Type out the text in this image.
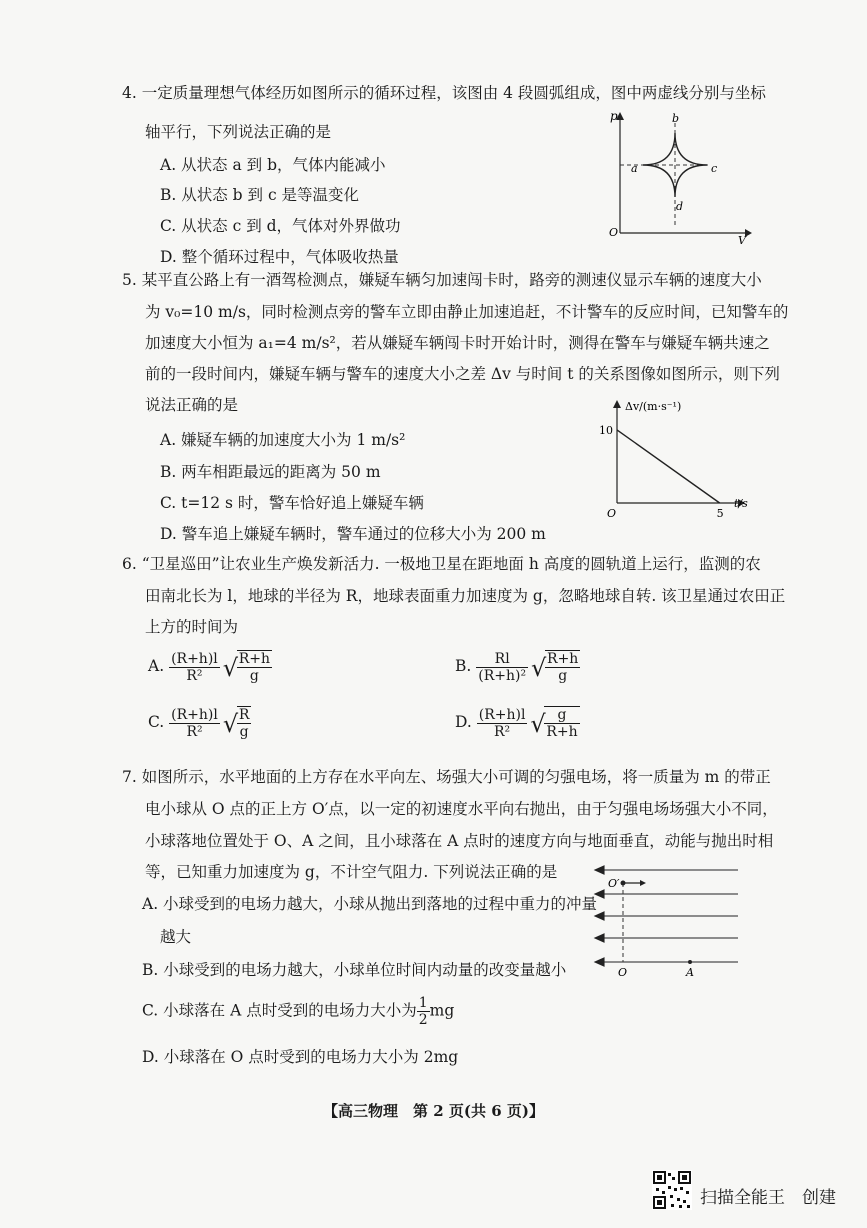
4. 一定质量理想气体经历如图所示的循环过程，该图由 4 段圆弧组成，图中两虚线分别与坐标
轴平行，下列说法正确的是
A. 从状态 a 到 b，气体内能减小
B. 从状态 b 到 c 是等温变化
C. 从状态 c 到 d，气体对外界做功
D. 整个循环过程中，气体吸收热量
p
V
O
a
b
c
d
5. 某平直公路上有一酒驾检测点，嫌疑车辆匀加速闯卡时，路旁的测速仪显示车辆的速度大小
为 v₀=10 m/s，同时检测点旁的警车立即由静止加速追赶，不计警车的反应时间，已知警车的
加速度大小恒为 a₁=4 m/s²，若从嫌疑车辆闯卡时开始计时，测得在警车与嫌疑车辆共速之
前的一段时间内，嫌疑车辆与警车的速度大小之差 Δv 与时间 t 的关系图像如图所示，则下列
说法正确的是
A. 嫌疑车辆的加速度大小为 1 m/s²
B. 两车相距最远的距离为 50 m
C. t=12 s 时，警车恰好追上嫌疑车辆
D. 警车追上嫌疑车辆时，警车通过的位移大小为 200 m
Δv/(m·s⁻¹)
t/s
10
5
O
6. “卫星巡田”让农业生产焕发新活力. 一极地卫星在距地面 h 高度的圆轨道上运行，监测的农
田南北长为 l，地球的半径为 R，地球表面重力加速度为 g，忽略地球自转. 该卫星通过农田正
上方的时间为
A. $\frac{(R+h)l}{\text{R²}}$
√ $\frac{R+h}{g}$	B. $\frac{Rl}{\text{(R+h)²}}$
√ $\frac{R+h}{g}$
C. $\frac{(R+h)l}{\text{R²}}$
√ $\frac{R}{g}$	D. $\frac{(R+h)l}{\text{R²}}$
√ $\frac{g}{R+h}$
7. 如图所示，水平地面的上方存在水平向左、场强大小可调的匀强电场，将一质量为 m 的带正
电小球从 O 点的正上方 O′点，以一定的初速度水平向右抛出，由于匀强电场场强大小不同，
小球落地位置处于 O、A 之间，且小球落在 A 点时的速度方向与地面垂直，动能与抛出时相
等，已知重力加速度为 g，不计空气阻力. 下列说法正确的是
A. 小球受到的电场力越大，小球从抛出到落地的过程中重力的冲量
越大
B. 小球受到的电场力越大，小球单位时间内动量的改变量越小
C. 小球落在 A 点时受到的电场力大小为 $\frac{1}{2}$ mg
D. 小球落在 O 点时受到的电场力大小为 2mg
O′
O	A
【高三物理　第 2 页(共 6 页)】
扫描全能王　创建
